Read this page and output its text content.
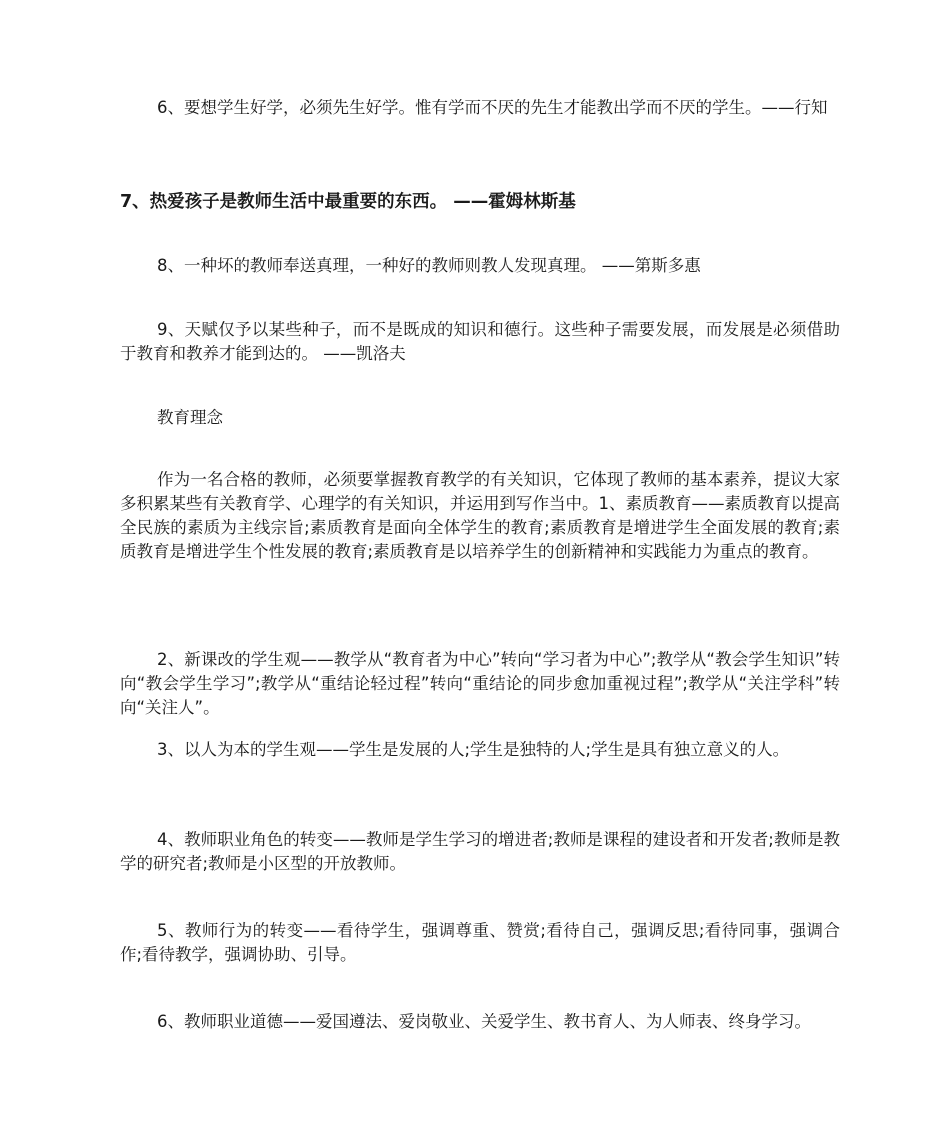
6、要想学生好学，必须先生好学。惟有学而不厌的先生才能教出学而不厌的学生。——行知

7、热爱孩子是教师生活中最重要的东西。 ——霍姆林斯基

8、一种坏的教师奉送真理，一种好的教师则教人发现真理。 ——第斯多惠

9、天赋仅予以某些种子，而不是既成的知识和德行。这些种子需要发展，而发展是必须借助于教育和教养才能到达的。 ——凯洛夫

教育理念

作为一名合格的教师，必须要掌握教育教学的有关知识，它体现了教师的基本素养，提议大家多积累某些有关教育学、心理学的有关知识，并运用到写作当中。1、素质教育——素质教育以提高全民族的素质为主线宗旨;素质教育是面向全体学生的教育;素质教育是增进学生全面发展的教育;素质教育是增进学生个性发展的教育;素质教育是以培养学生的创新精神和实践能力为重点的教育。

2、新课改的学生观——教学从“教育者为中心”转向“学习者为中心”;教学从“教会学生知识”转向“教会学生学习”;教学从“重结论轻过程”转向“重结论的同步愈加重视过程”;教学从“关注学科”转向“关注人”。

3、以人为本的学生观——学生是发展的人;学生是独特的人;学生是具有独立意义的人。

4、教师职业角色的转变——教师是学生学习的增进者;教师是课程的建设者和开发者;教师是教学的研究者;教师是小区型的开放教师。

5、教师行为的转变——看待学生，强调尊重、赞赏;看待自己，强调反思;看待同事，强调合作;看待教学，强调协助、引导。

6、教师职业道德——爱国遵法、爱岗敬业、关爱学生、教书育人、为人师表、终身学习。
